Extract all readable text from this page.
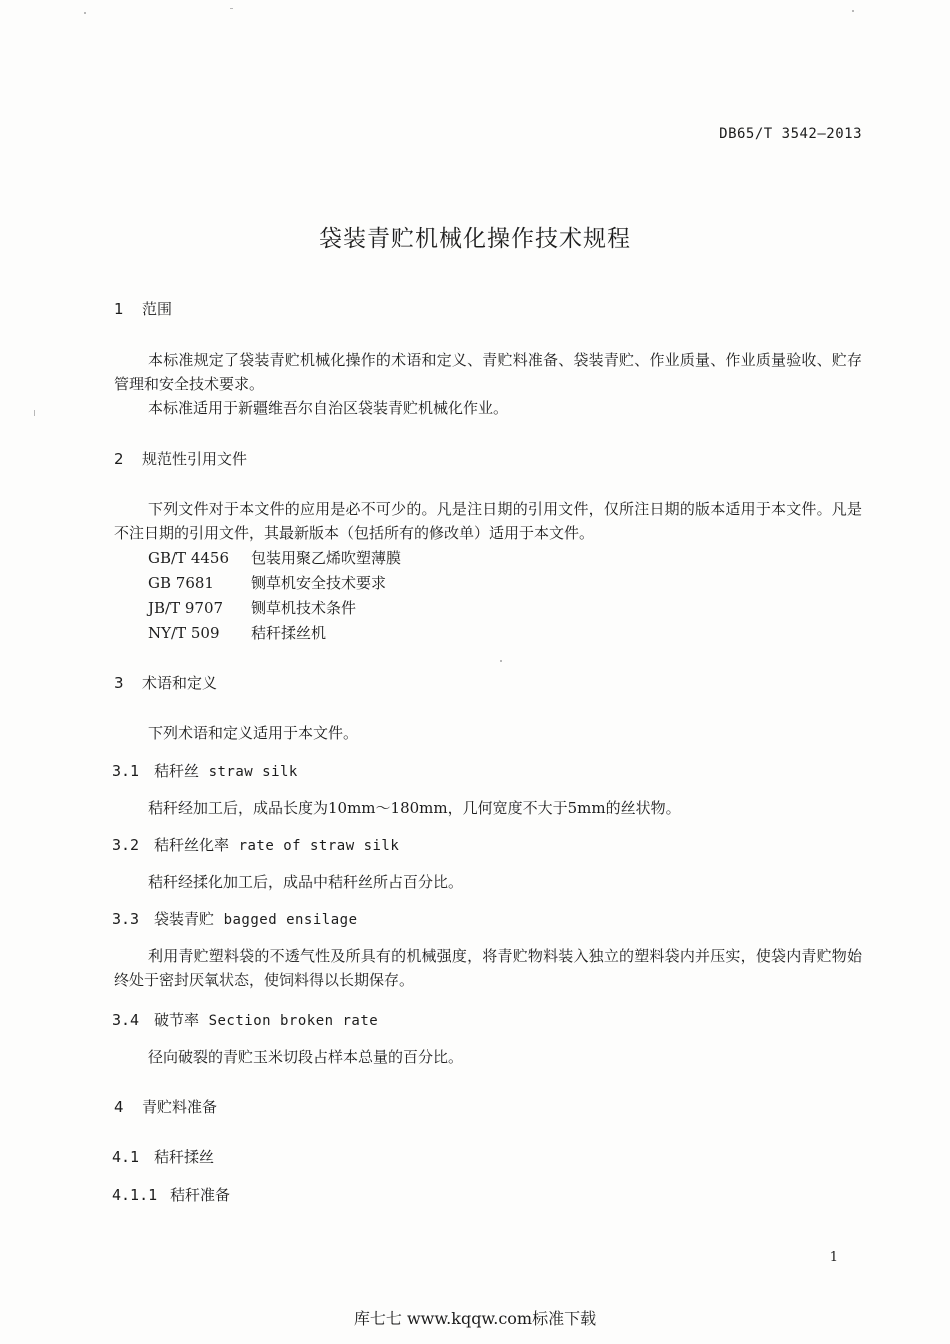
DB65/T 3542—2013
袋装青贮机械化操作技术规程
1 范围
本标准规定了袋装青贮机械化操作的术语和定义、青贮料准备、袋装青贮、作业质量、作业质量验收、贮存管理和安全技术要求。
本标准适用于新疆维吾尔自治区袋装青贮机械化作业。
2 规范性引用文件
下列文件对于本文件的应用是必不可少的。凡是注日期的引用文件，仅所注日期的版本适用于本文件。凡是不注日期的引用文件，其最新版本（包括所有的修改单）适用于本文件。
GB/T 4456 包装用聚乙烯吹塑薄膜
GB 7681 铡草机安全技术要求
JB/T 9707 铡草机技术条件
NY/T 509 秸秆揉丝机
3 术语和定义
下列术语和定义适用于本文件。
3.1 秸秆丝 straw silk
秸秆经加工后，成品长度为10mm～180mm，几何宽度不大于5mm的丝状物。
3.2 秸秆丝化率 rate of straw silk
秸秆经揉化加工后，成品中秸秆丝所占百分比。
3.3 袋装青贮 bagged ensilage
利用青贮塑料袋的不透气性及所具有的机械强度，将青贮物料装入独立的塑料袋内并压实，使袋内青贮物始终处于密封厌氧状态，使饲料得以长期保存。
3.4 破节率 Section broken rate
径向破裂的青贮玉米切段占样本总量的百分比。
4 青贮料准备
4.1 秸秆揉丝
4.1.1 秸秆准备
1
库七七 www.kqqw.com标准下载
